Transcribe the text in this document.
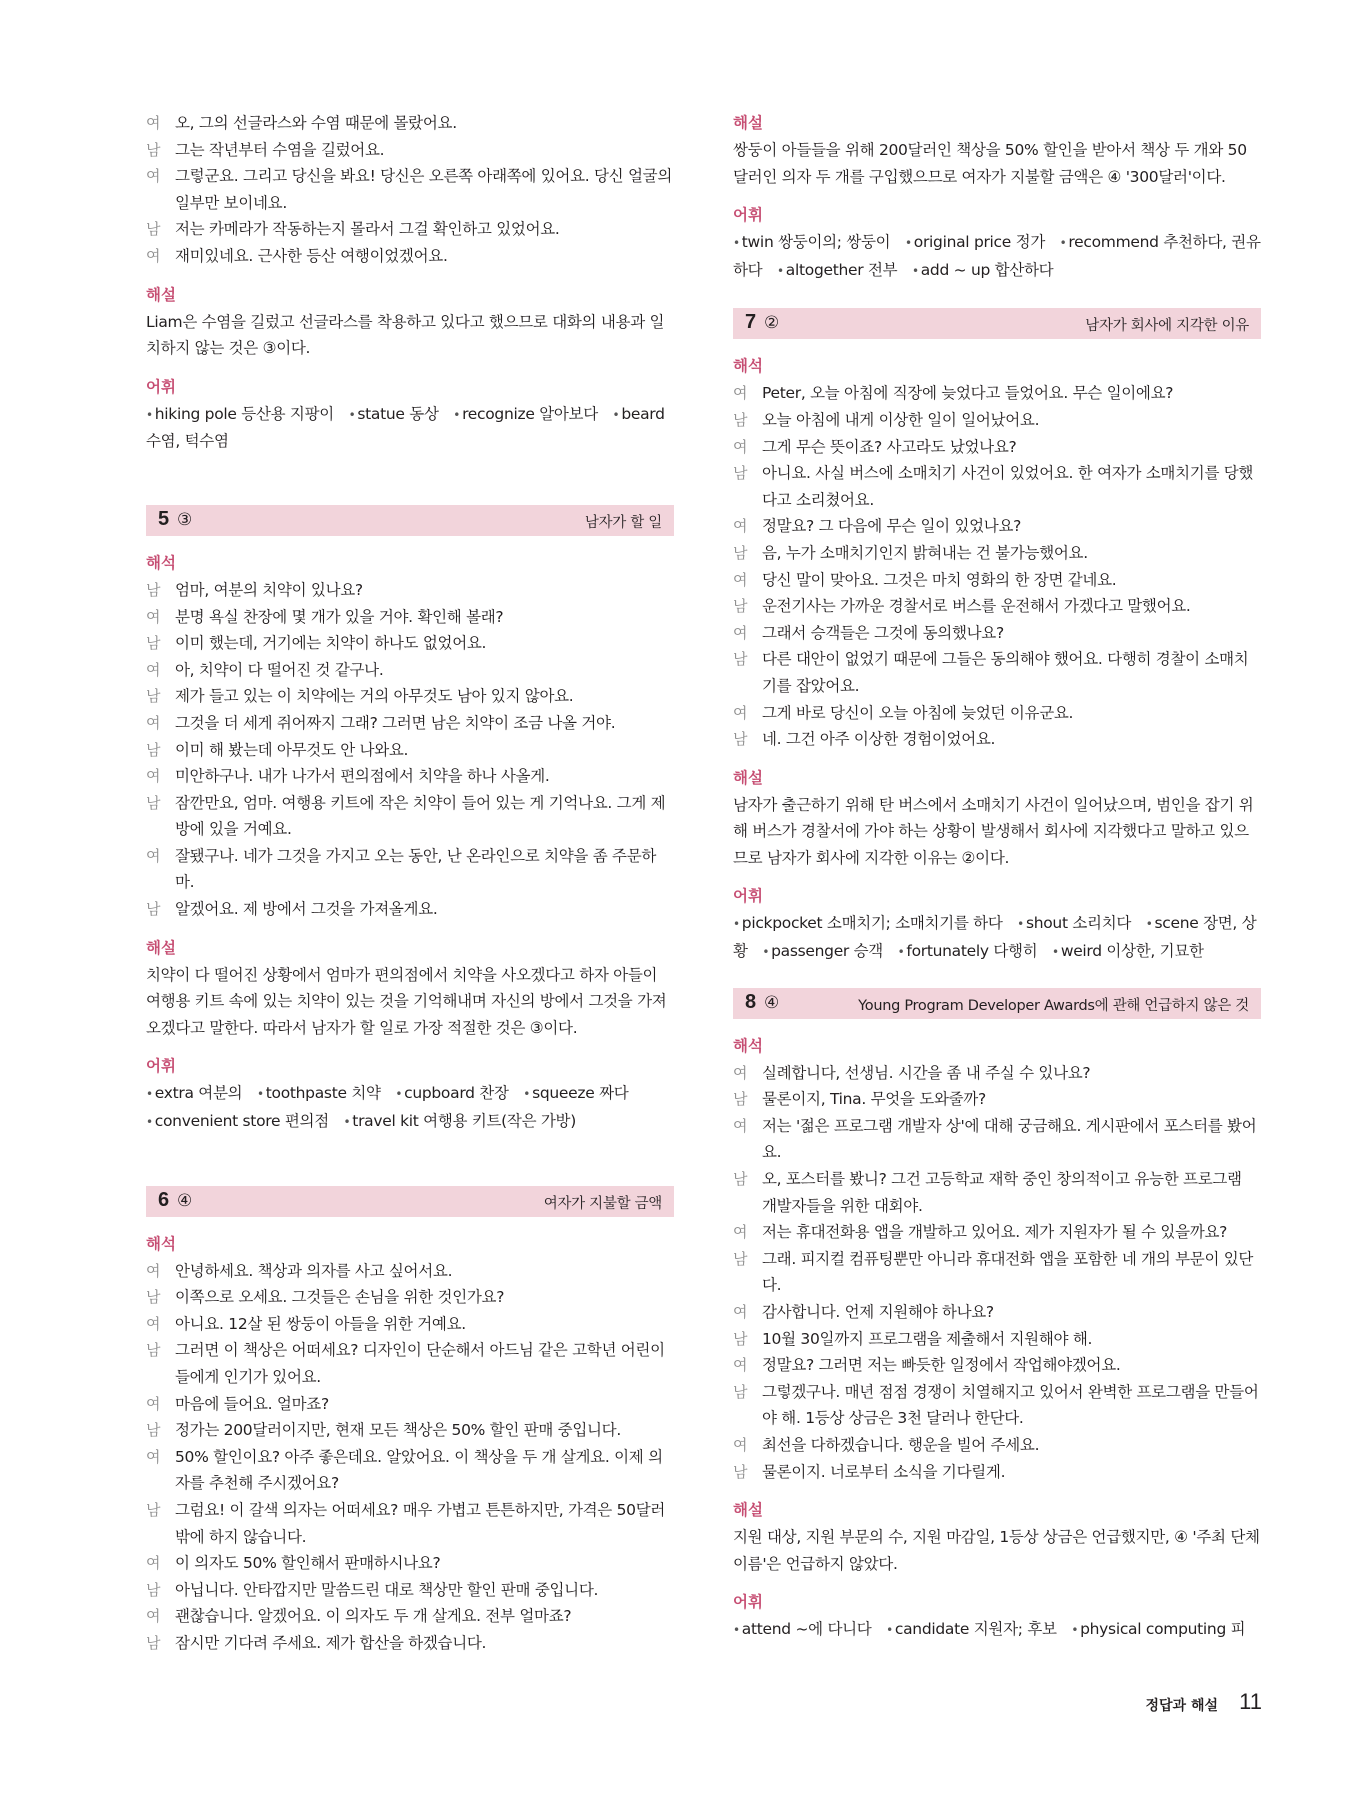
여 오, 그의 선글라스와 수염 때문에 몰랐어요.
남 그는 작년부터 수염을 길렀어요.
여 그렇군요. 그리고 당신을 봐요! 당신은 오른쪽 아래쪽에 있어요. 당신 얼굴의 일부만 보이네요.
남 저는 카메라가 작동하는지 몰라서 그걸 확인하고 있었어요.
여 재미있네요. 근사한 등산 여행이었겠어요.
해설
Liam은 수염을 길렀고 선글라스를 착용하고 있다고 했으므로 대화의 내용과 일치하지 않는 것은 ③이다.
어휘
• hiking pole 등산용 지팡이 • statue 동상 • recognize 알아보다 • beard 수염, 턱수염
5 ③	남자가 할 일
해석
남 엄마, 여분의 치약이 있나요?
여 분명 욕실 찬장에 몇 개가 있을 거야. 확인해 볼래?
남 이미 했는데, 거기에는 치약이 하나도 없었어요.
여 아, 치약이 다 떨어진 것 같구나.
남 제가 들고 있는 이 치약에는 거의 아무것도 남아 있지 않아요.
여 그것을 더 세게 쥐어짜지 그래? 그러면 남은 치약이 조금 나올 거야.
남 이미 해 봤는데 아무것도 안 나와요.
여 미안하구나. 내가 나가서 편의점에서 치약을 하나 사올게.
남 잠깐만요, 엄마. 여행용 키트에 작은 치약이 들어 있는 게 기억나요. 그게 제 방에 있을 거예요.
여 잘됐구나. 네가 그것을 가지고 오는 동안, 난 온라인으로 치약을 좀 주문하마.
남 알겠어요. 제 방에서 그것을 가져올게요.
해설
치약이 다 떨어진 상황에서 엄마가 편의점에서 치약을 사오겠다고 하자 아들이 여행용 키트 속에 있는 치약이 있는 것을 기억해내며 자신의 방에서 그것을 가져오겠다고 말한다. 따라서 남자가 할 일로 가장 적절한 것은 ③이다.
어휘
• extra 여분의 • toothpaste 치약 • cupboard 찬장 • squeeze 짜다 • convenient store 편의점 • travel kit 여행용 키트(작은 가방)
6 ④	여자가 지불할 금액
해석
여 안녕하세요. 책상과 의자를 사고 싶어서요.
남 이쪽으로 오세요. 그것들은 손님을 위한 것인가요?
여 아니요. 12살 된 쌍둥이 아들을 위한 거예요.
남 그러면 이 책상은 어떠세요? 디자인이 단순해서 아드님 같은 고학년 어린이들에게 인기가 있어요.
여 마음에 들어요. 얼마죠?
남 정가는 200달러이지만, 현재 모든 책상은 50% 할인 판매 중입니다.
여 50% 할인이요? 아주 좋은데요. 알았어요. 이 책상을 두 개 살게요. 이제 의자를 추천해 주시겠어요?
남 그럼요! 이 갈색 의자는 어떠세요? 매우 가볍고 튼튼하지만, 가격은 50달러밖에 하지 않습니다.
여 이 의자도 50% 할인해서 판매하시나요?
남 아닙니다. 안타깝지만 말씀드린 대로 책상만 할인 판매 중입니다.
여 괜찮습니다. 알겠어요. 이 의자도 두 개 살게요. 전부 얼마죠?
남 잠시만 기다려 주세요. 제가 합산을 하겠습니다.
해설
쌍둥이 아들들을 위해 200달러인 책상을 50% 할인을 받아서 책상 두 개와 50달러인 의자 두 개를 구입했으므로 여자가 지불할 금액은 ④ '300달러'이다.
어휘
• twin 쌍둥이의; 쌍둥이 • original price 정가 • recommend 추천하다, 권유하다 • altogether 전부 • add ~ up 합산하다
7 ②	남자가 회사에 지각한 이유
해석
여 Peter, 오늘 아침에 직장에 늦었다고 들었어요. 무슨 일이에요?
남 오늘 아침에 내게 이상한 일이 일어났어요.
여 그게 무슨 뜻이죠? 사고라도 났었나요?
남 아니요. 사실 버스에 소매치기 사건이 있었어요. 한 여자가 소매치기를 당했다고 소리쳤어요.
여 정말요? 그 다음에 무슨 일이 있었나요?
남 음, 누가 소매치기인지 밝혀내는 건 불가능했어요.
여 당신 말이 맞아요. 그것은 마치 영화의 한 장면 같네요.
남 운전기사는 가까운 경찰서로 버스를 운전해서 가겠다고 말했어요.
여 그래서 승객들은 그것에 동의했나요?
남 다른 대안이 없었기 때문에 그들은 동의해야 했어요. 다행히 경찰이 소매치기를 잡았어요.
여 그게 바로 당신이 오늘 아침에 늦었던 이유군요.
남 네. 그건 아주 이상한 경험이었어요.
해설
남자가 출근하기 위해 탄 버스에서 소매치기 사건이 일어났으며, 범인을 잡기 위해 버스가 경찰서에 가야 하는 상황이 발생해서 회사에 지각했다고 말하고 있으므로 남자가 회사에 지각한 이유는 ②이다.
어휘
• pickpocket 소매치기; 소매치기를 하다 • shout 소리치다 • scene 장면, 상황 • passenger 승객 • fortunately 다행히 • weird 이상한, 기묘한
8 ④	Young Program Developer Awards에 관해 언급하지 않은 것
해석
여 실례합니다, 선생님. 시간을 좀 내 주실 수 있나요?
남 물론이지, Tina. 무엇을 도와줄까?
여 저는 '젊은 프로그램 개발자 상'에 대해 궁금해요. 게시판에서 포스터를 봤어요.
남 오, 포스터를 봤니? 그건 고등학교 재학 중인 창의적이고 유능한 프로그램 개발자들을 위한 대회야.
여 저는 휴대전화용 앱을 개발하고 있어요. 제가 지원자가 될 수 있을까요?
남 그래. 피지컬 컴퓨팅뿐만 아니라 휴대전화 앱을 포함한 네 개의 부문이 있단다.
여 감사합니다. 언제 지원해야 하나요?
남 10월 30일까지 프로그램을 제출해서 지원해야 해.
여 정말요? 그러면 저는 빠듯한 일정에서 작업해야겠어요.
남 그렇겠구나. 매년 점점 경쟁이 치열해지고 있어서 완벽한 프로그램을 만들어야 해. 1등상 상금은 3천 달러나 한단다.
여 최선을 다하겠습니다. 행운을 빌어 주세요.
남 물론이지. 너로부터 소식을 기다릴게.
해설
지원 대상, 지원 부문의 수, 지원 마감일, 1등상 상금은 언급했지만, ④ '주최 단체 이름'은 언급하지 않았다.
어휘
• attend ~에 다니다 • candidate 지원자; 후보 • physical computing 피
정답과 해설 11
